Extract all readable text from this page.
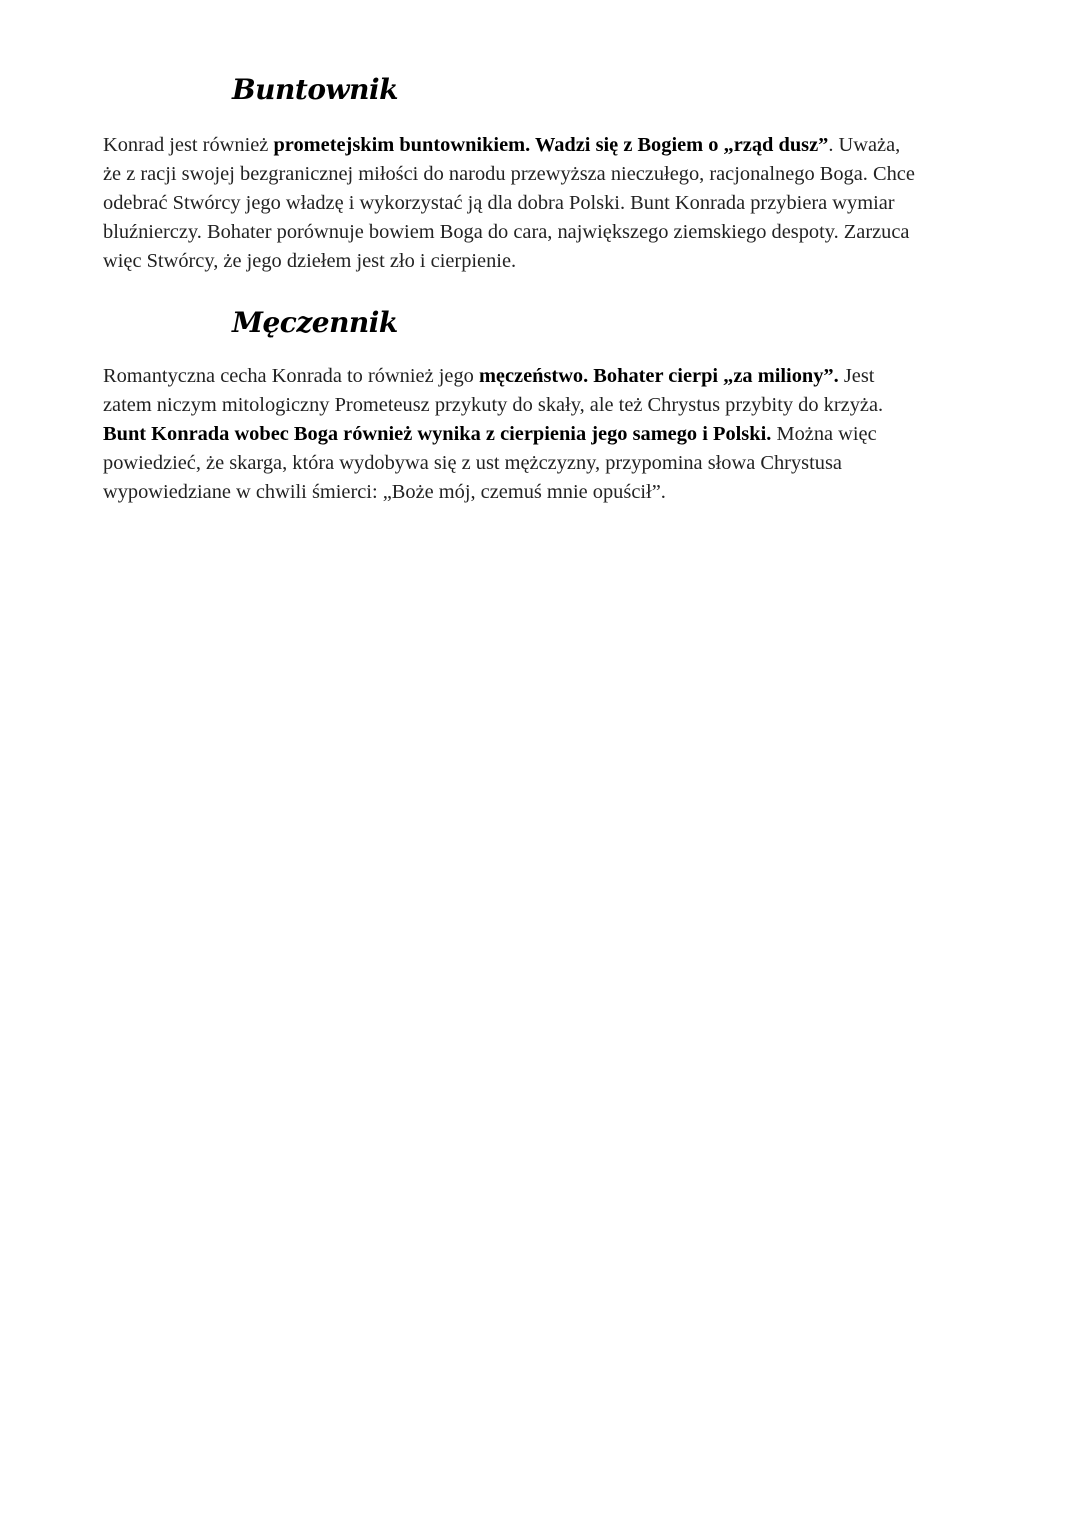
Buntownik

Konrad jest również prometejskim buntownikiem. Wadzi się z Bogiem o „rząd dusz”. Uważa,
że z racji swojej bezgranicznej miłości do narodu przewyższa nieczułego, racjonalnego Boga. Chce
odebrać Stwórcy jego władzę i wykorzystać ją dla dobra Polski. Bunt Konrada przybiera wymiar
bluźnierczy. Bohater porównuje bowiem Boga do cara, największego ziemskiego despoty. Zarzuca
więc Stwórcy, że jego dziełem jest zło i cierpienie.

Męczennik

Romantyczna cecha Konrada to również jego męczeństwo. Bohater cierpi „za miliony”. Jest
zatem niczym mitologiczny Prometeusz przykuty do skały, ale też Chrystus przybity do krzyża.
Bunt Konrada wobec Boga również wynika z cierpienia jego samego i Polski. Można więc
powiedzieć, że skarga, która wydobywa się z ust mężczyzny, przypomina słowa Chrystusa
wypowiedziane w chwili śmierci: „Boże mój, czemuś mnie opuścił”.
